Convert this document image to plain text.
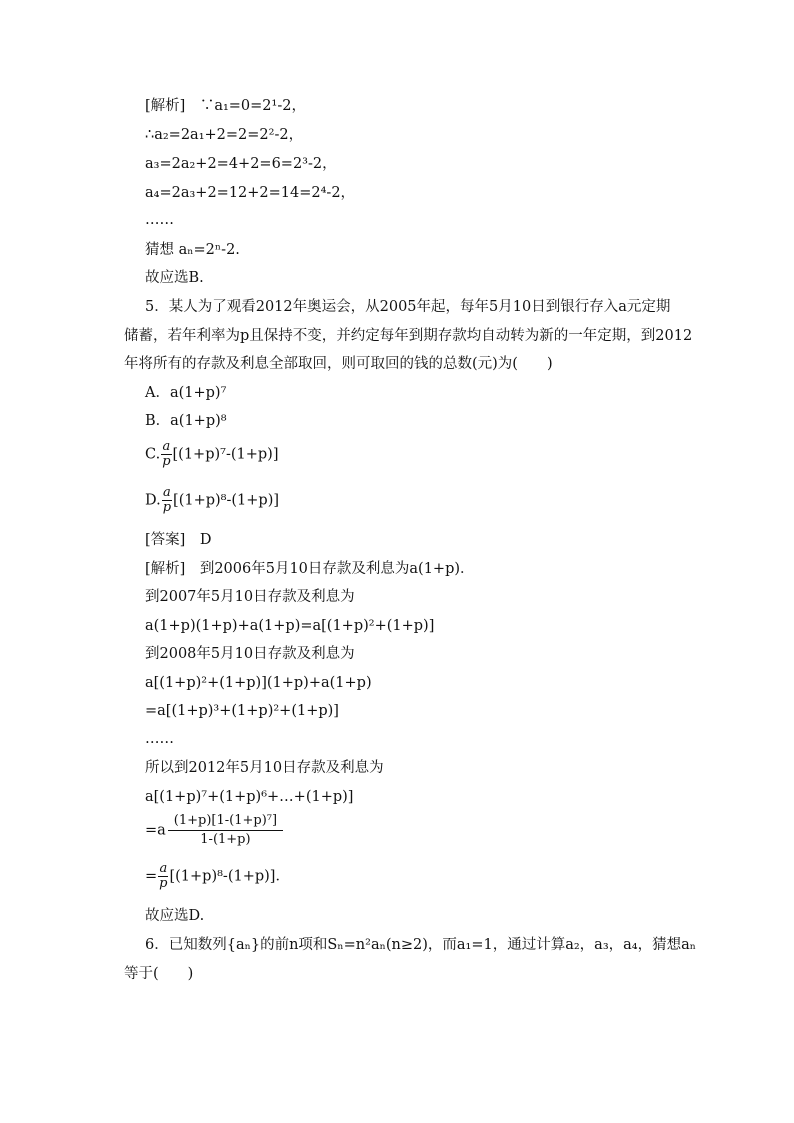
[解析]　∵a₁=0=2¹-2，
∴a₂=2a₁+2=2=2²-2，
a₃=2a₂+2=4+2=6=2³-2，
a₄=2a₃+2=12+2=14=2⁴-2，
……
猜想 aₙ=2ⁿ-2.
故应选B.
5．某人为了观看2012年奥运会，从2005年起，每年5月10日到银行存入a元定期
储蓄，若年利率为p且保持不变，并约定每年到期存款均自动转为新的一年定期，到2012
年将所有的存款及利息全部取回，则可取回的钱的总数(元)为(　　)
A．a(1+p)⁷
B．a(1+p)⁸
C. $\frac{a}{p} [(1+p)^7-(1+p)]$
D. $\frac{a}{p} [(1+p)^8-(1+p)]$
[答案]　D
[解析]　到2006年5月10日存款及利息为a(1+p)．
到2007年5月10日存款及利息为
a(1+p)(1+p)+a(1+p)=a[(1+p)²+(1+p)]
到2008年5月10日存款及利息为
a[(1+p)²+(1+p)](1+p)+a(1+p)
=a[(1+p)³+(1+p)²+(1+p)]
……
所以到2012年5月10日存款及利息为
a[(1+p)⁷+(1+p)⁶+…+(1+p)]
$=a \frac{\text{(1+p)[1-(1+p)⁷]}}{1-(1+p)}$
= $\frac{a}{p} [(1+p)^8-(1+p)]$．
故应选D.
6．已知数列{aₙ}的前n项和Sₙ=n²aₙ(n≥2)，而a₁=1，通过计算a₂，a₃，a₄，猜想aₙ
等于(　　)
